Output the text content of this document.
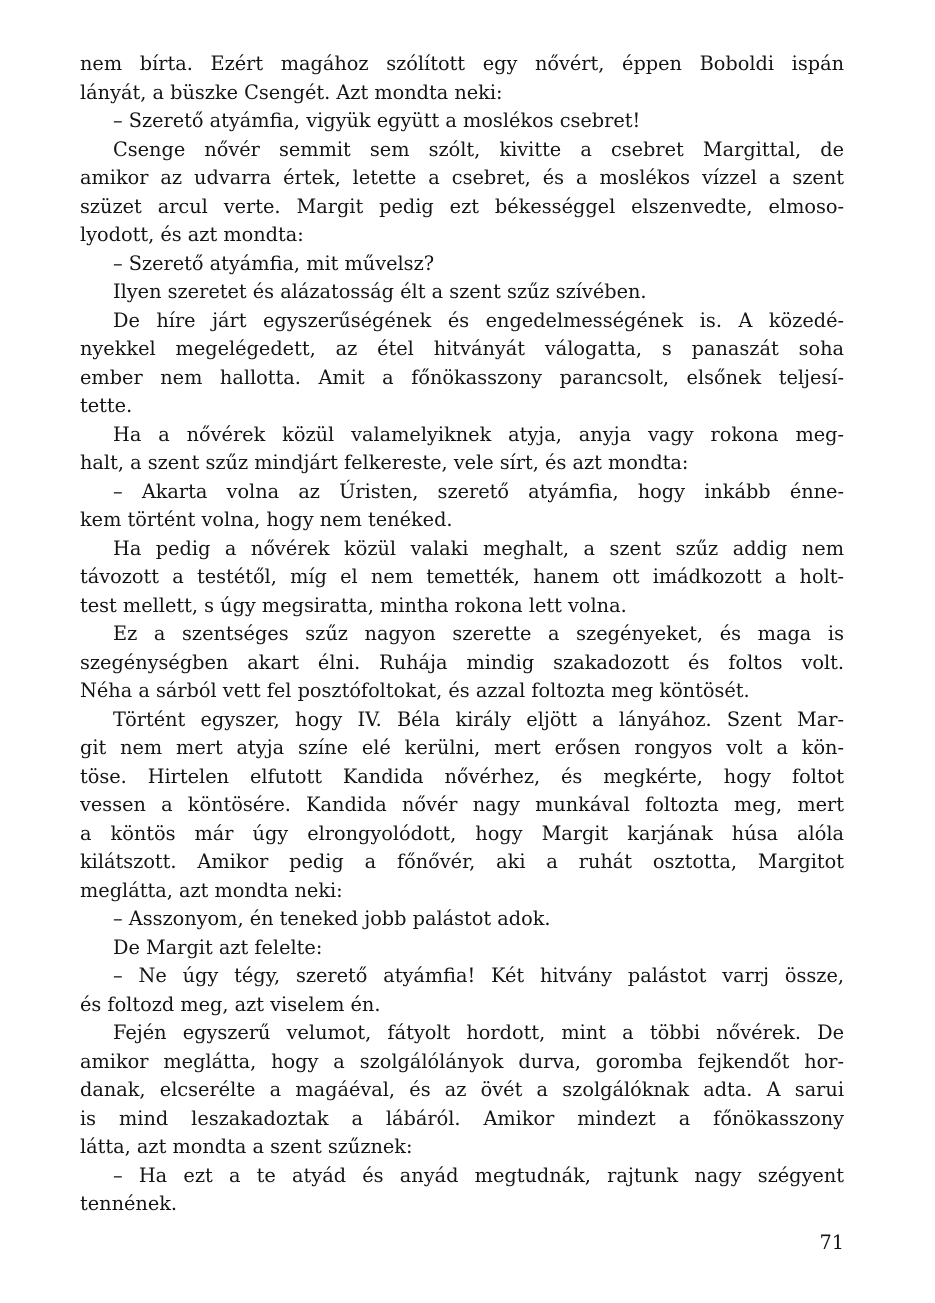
nem bírta. Ezért magához szólított egy nővért, éppen Boboldi ispán
lányát, a büszke Csengét. Azt mondta neki:
– Szerető atyámfia, vigyük együtt a moslékos csebret!
Csenge nővér semmit sem szólt, kivitte a csebret Margittal, de
amikor az udvarra értek, letette a csebret, és a moslékos vízzel a szent
szüzet arcul verte. Margit pedig ezt békességgel elszenvedte, elmoso-
lyodott, és azt mondta:
– Szerető atyámfia, mit művelsz?
Ilyen szeretet és alázatosság élt a szent szűz szívében.
De híre járt egyszerűségének és engedelmességének is. A közedé-
nyekkel megelégedett, az étel hitványát válogatta, s panaszát soha
ember nem hallotta. Amit a főnökasszony parancsolt, elsőnek teljesí-
tette.
Ha a nővérek közül valamelyiknek atyja, anyja vagy rokona meg-
halt, a szent szűz mindjárt felkereste, vele sírt, és azt mondta:
– Akarta volna az Úristen, szerető atyámfia, hogy inkább énne-
kem történt volna, hogy nem tenéked.
Ha pedig a nővérek közül valaki meghalt, a szent szűz addig nem
távozott a testétől, míg el nem temették, hanem ott imádkozott a holt-
test mellett, s úgy megsiratta, mintha rokona lett volna.
Ez a szentséges szűz nagyon szerette a szegényeket, és maga is
szegénységben akart élni. Ruhája mindig szakadozott és foltos volt.
Néha a sárból vett fel posztófoltokat, és azzal foltozta meg köntösét.
Történt egyszer, hogy IV. Béla király eljött a lányához. Szent Mar-
git nem mert atyja színe elé kerülni, mert erősen rongyos volt a kön-
töse. Hirtelen elfutott Kandida nővérhez, és megkérte, hogy foltot
vessen a köntösére. Kandida nővér nagy munkával foltozta meg, mert
a köntös már úgy elrongyolódott, hogy Margit karjának húsa alóla
kilátszott. Amikor pedig a főnővér, aki a ruhát osztotta, Margitot
meglátta, azt mondta neki:
– Asszonyom, én teneked jobb palástot adok.
De Margit azt felelte:
– Ne úgy tégy, szerető atyámfia! Két hitvány palástot varrj össze,
és foltozd meg, azt viselem én.
Fején egyszerű velumot, fátyolt hordott, mint a többi nővérek. De
amikor meglátta, hogy a szolgálólányok durva, goromba fejkendőt hor-
danak, elcserélte a magáéval, és az övét a szolgálóknak adta. A sarui
is mind leszakadoztak a lábáról. Amikor mindezt a főnökasszony
látta, azt mondta a szent szűznek:
– Ha ezt a te atyád és anyád megtudnák, rajtunk nagy szégyent
tennének.
71
